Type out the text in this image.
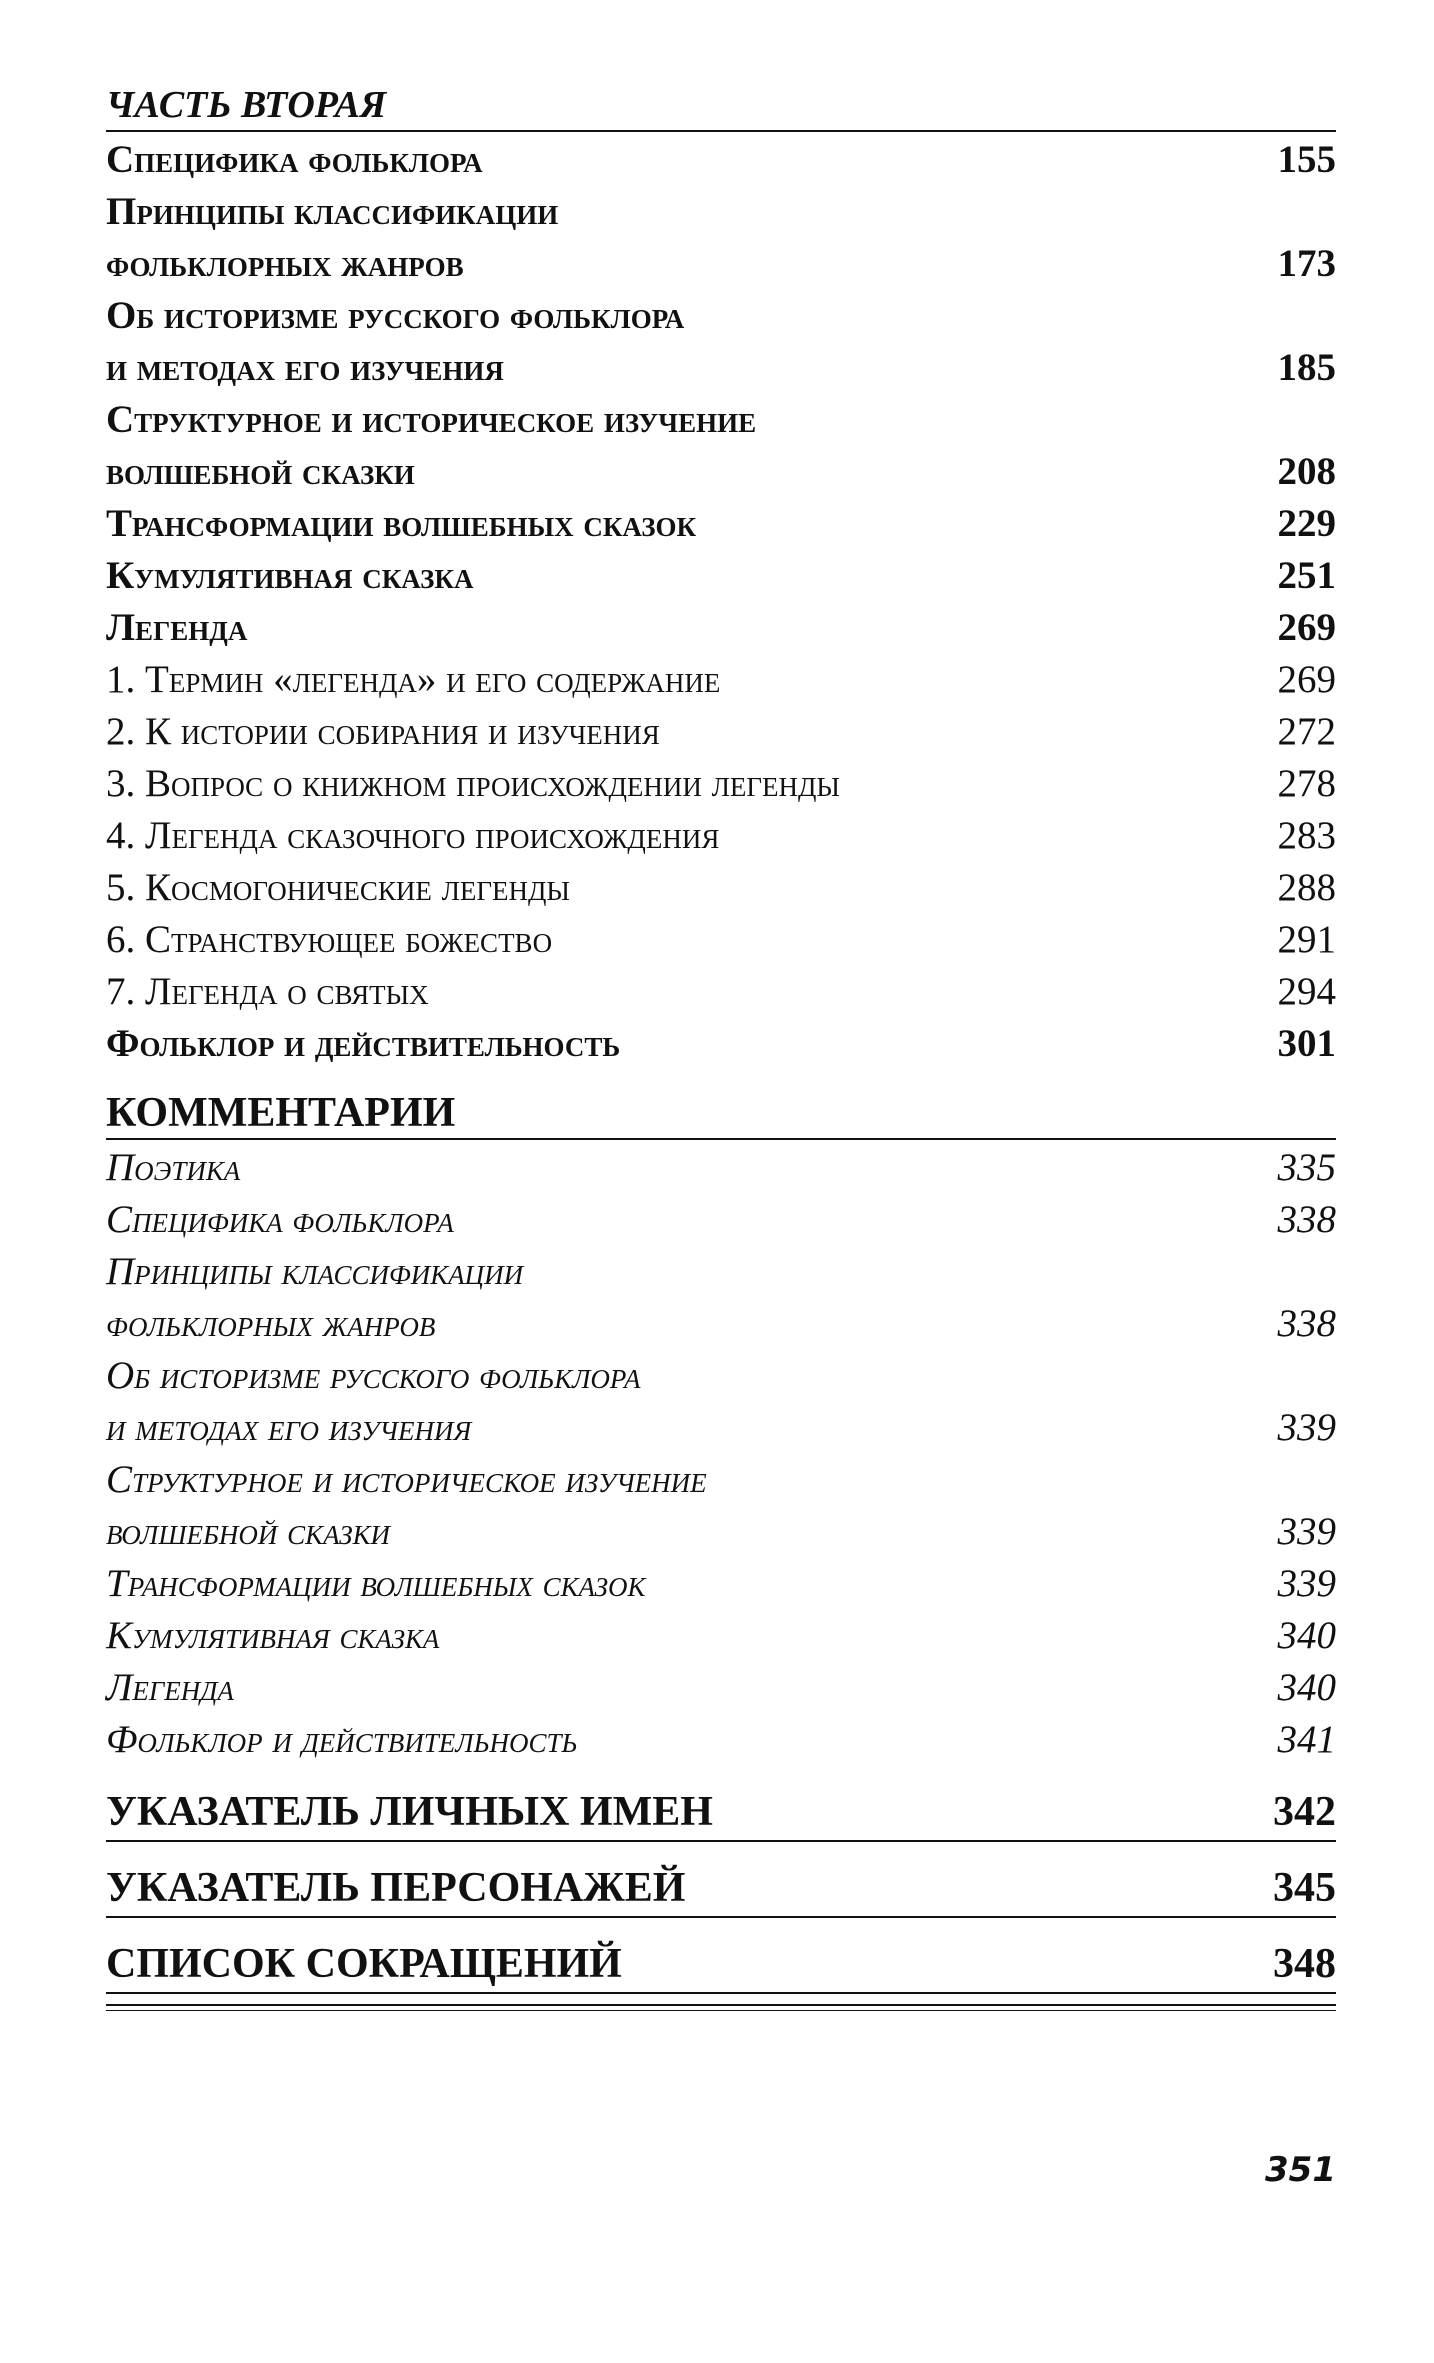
ЧАСТЬ ВТОРАЯ
Специфика фольклора	155
Принципы классификации
фольклорных жанров	173
Об историзме русского фольклора
и методах его изучения	185
Структурное и историческое изучение
волшебной сказки	208
Трансформации волшебных сказок	229
Кумулятивная сказка	251
Легенда	269
1. Термин «легенда» и его содержание	269
2. К истории собирания и изучения	272
3. Вопрос о книжном происхождении легенды	278
4. Легенда сказочного происхождения	283
5. Космогонические легенды	288
6. Странствующее божество	291
7. Легенда о святых	294
Фольклор и действительность	301
КОММЕНТАРИИ
Поэтика	335
Специфика фольклора	338
Принципы классификации
фольклорных жанров	338
Об историзме русского фольклора
и методах его изучения	339
Структурное и историческое изучение
волшебной сказки	339
Трансформации волшебных сказок	339
Кумулятивная сказка	340
Легенда	340
Фольклор и действительность	341
УКАЗАТЕЛЬ ЛИЧНЫХ ИМЕН	342
УКАЗАТЕЛЬ ПЕРСОНАЖЕЙ	345
СПИСОК СОКРАЩЕНИЙ	348
351
